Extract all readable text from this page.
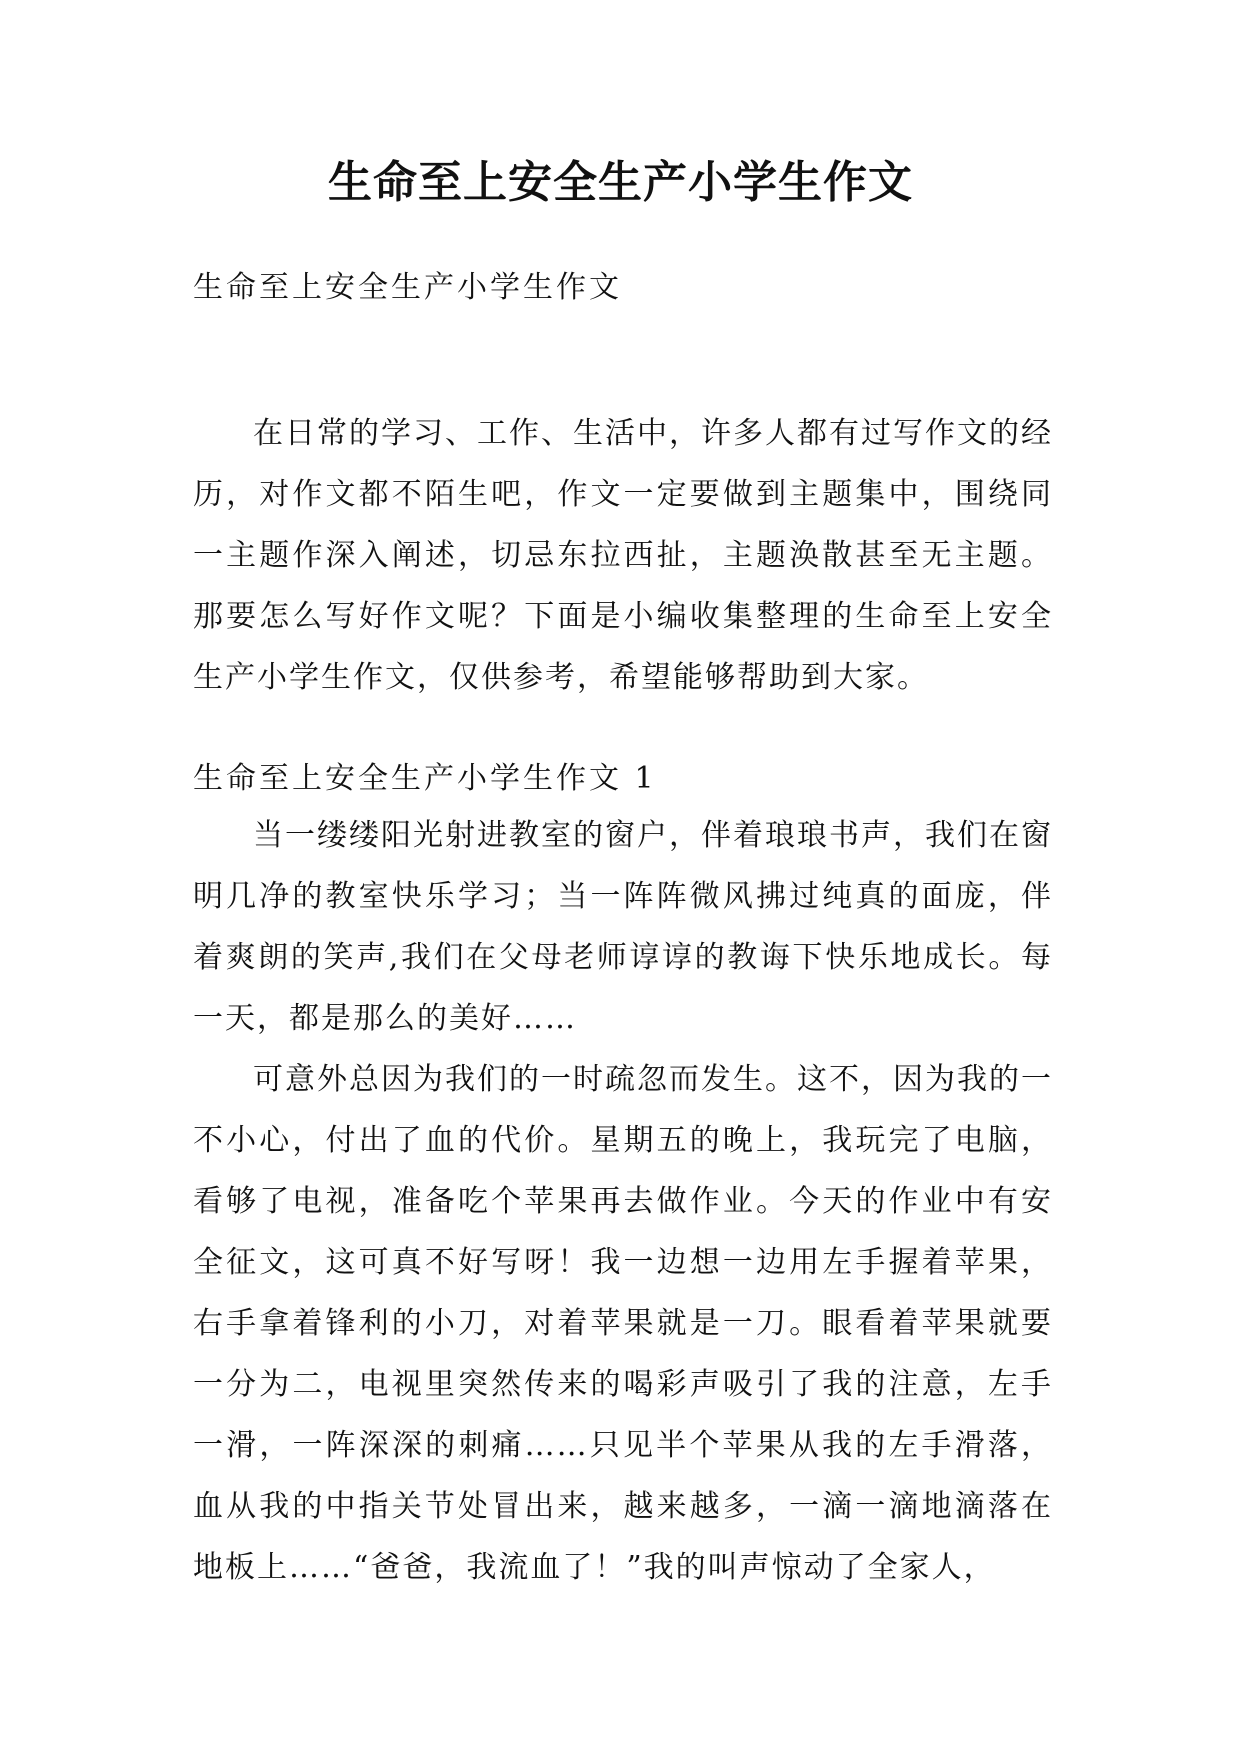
生命至上安全生产小学生作文
生命至上安全生产小学生作文

在日常的学习、工作、生活中，许多人都有过写作文的经历，对作文都不陌生吧，作文一定要做到主题集中，围绕同一主题作深入阐述，切忌东拉西扯，主题涣散甚至无主题。那要怎么写好作文呢？下面是小编收集整理的生命至上安全生产小学生作文，仅供参考，希望能够帮助到大家。

生命至上安全生产小学生作文 1

当一缕缕阳光射进教室的窗户，伴着琅琅书声，我们在窗明几净的教室快乐学习；当一阵阵微风拂过纯真的面庞，伴着爽朗的笑声,我们在父母老师谆谆的教诲下快乐地成长。每一天，都是那么的美好……

可意外总因为我们的一时疏忽而发生。这不，因为我的一不小心，付出了血的代价。星期五的晚上，我玩完了电脑，看够了电视，准备吃个苹果再去做作业。今天的作业中有安全征文，这可真不好写呀！我一边想一边用左手握着苹果，右手拿着锋利的小刀，对着苹果就是一刀。眼看着苹果就要一分为二，电视里突然传来的喝彩声吸引了我的注意，左手一滑，一阵深深的刺痛……只见半个苹果从我的左手滑落，血从我的中指关节处冒出来，越来越多，一滴一滴地滴落在地板上……“爸爸，我流血了！”我的叫声惊动了全家人，
